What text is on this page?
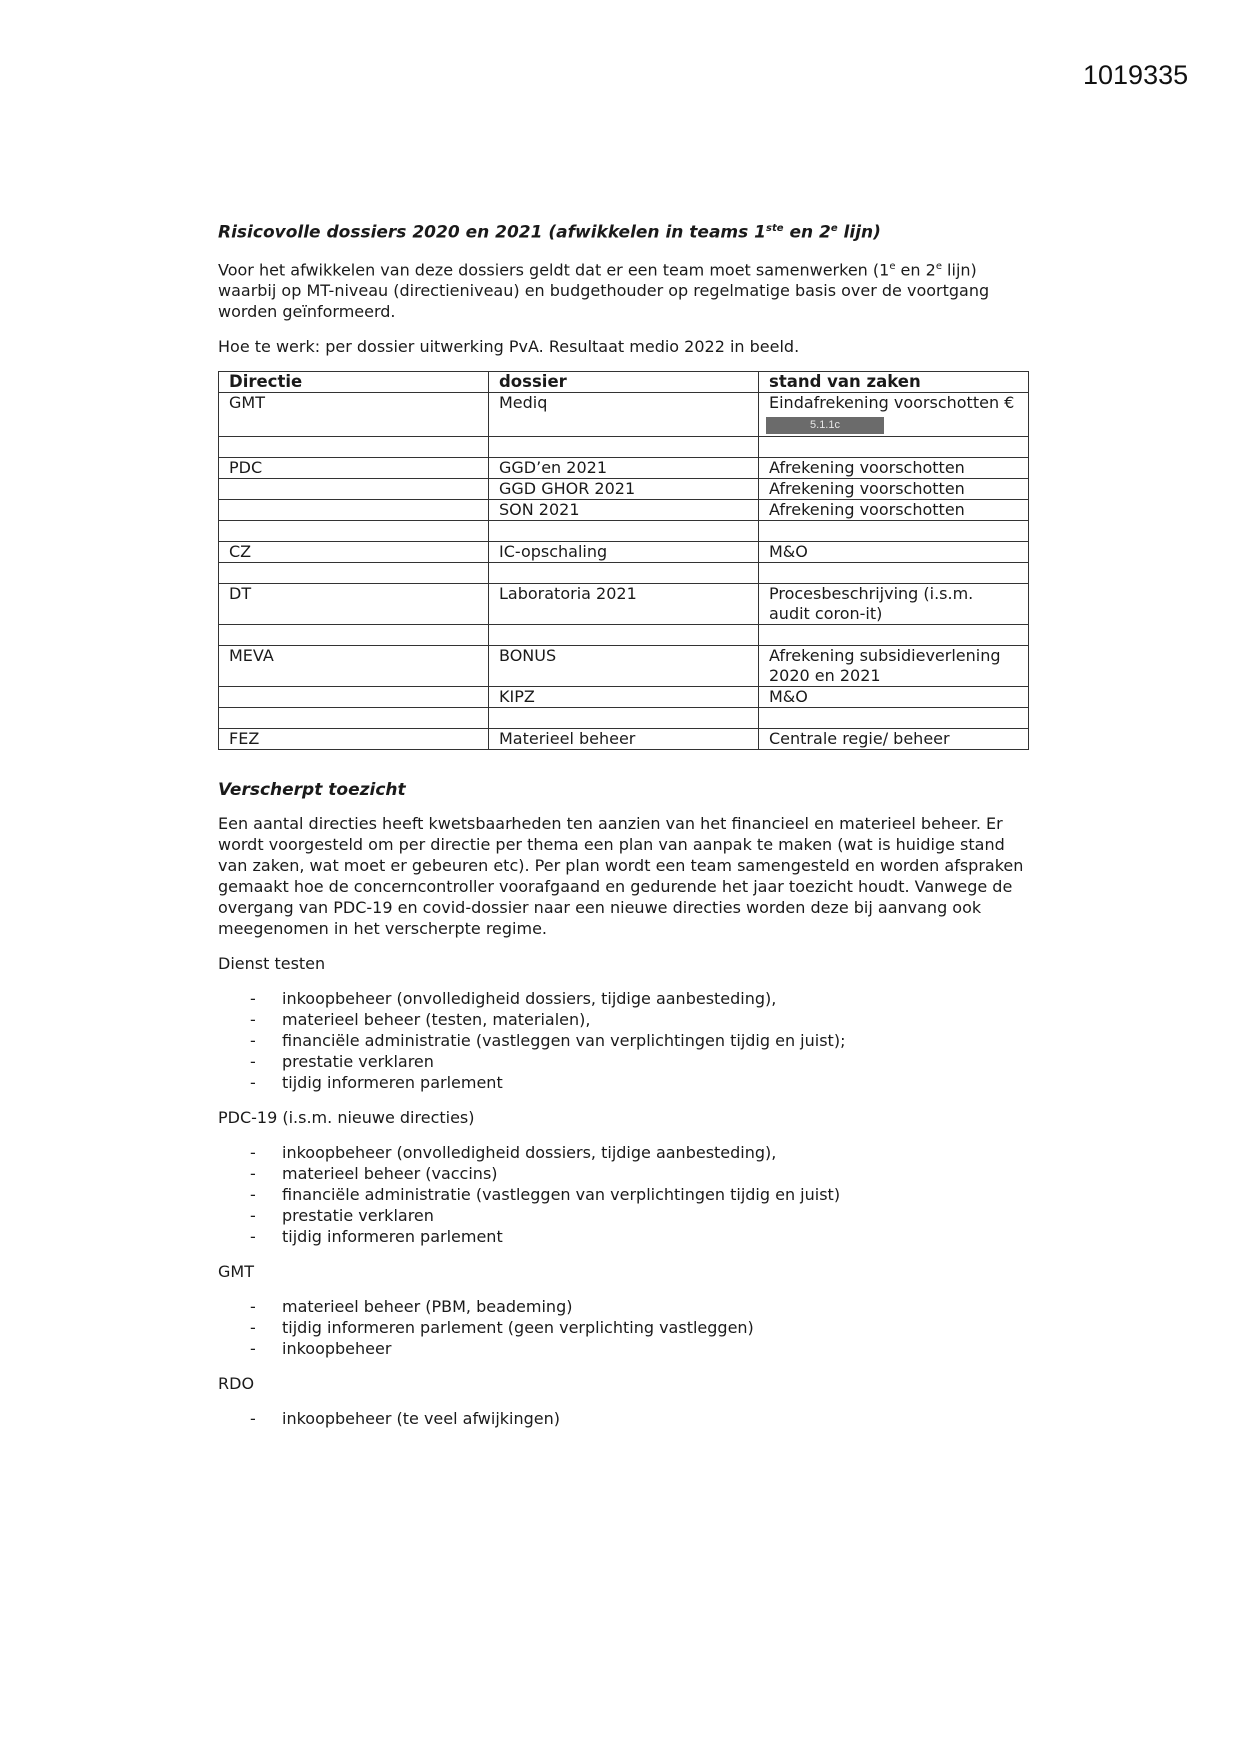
1019335
Risicovolle dossiers 2020 en 2021 (afwikkelen in teams 1ste en 2e lijn)

Voor het afwikkelen van deze dossiers geldt dat er een team moet samenwerken (1e en 2e lijn) waarbij op MT-niveau (directieniveau) en budgethouder op regelmatige basis over de voortgang worden geïnformeerd.

Hoe te werk: per dossier uitwerking PvA. Resultaat medio 2022 in beeld.

Directie	dossier	stand van zaken
GMT	Mediq	Eindafrekening voorschotten €
5.1.1c

PDC	GGD’en 2021	Afrekening voorschotten
	GGD GHOR 2021	Afrekening voorschotten
	SON 2021	Afrekening voorschotten

CZ	IC-opschaling	M&O

DT	Laboratoria 2021	Procesbeschrijving (i.s.m. audit coron-it)

MEVA	BONUS	Afrekening subsidieverlening 2020 en 2021
	KIPZ	M&O

FEZ	Materieel beheer	Centrale regie/ beheer
Verscherpt toezicht

Een aantal directies heeft kwetsbaarheden ten aanzien van het financieel en materieel beheer. Er wordt voorgesteld om per directie per thema een plan van aanpak te maken (wat is huidige stand van zaken, wat moet er gebeuren etc). Per plan wordt een team samengesteld en worden afspraken gemaakt hoe de concerncontroller voorafgaand en gedurende het jaar toezicht houdt. Vanwege de overgang van PDC-19 en covid-dossier naar een nieuwe directies worden deze bij aanvang ook meegenomen in het verscherpte regime.

Dienst testen

- inkoopbeheer (onvolledigheid dossiers, tijdige aanbesteding),
- materieel beheer (testen, materialen),
- financiële administratie (vastleggen van verplichtingen tijdig en juist);
- prestatie verklaren
- tijdig informeren parlement

PDC-19 (i.s.m. nieuwe directies)

- inkoopbeheer (onvolledigheid dossiers, tijdige aanbesteding),
- materieel beheer (vaccins)
- financiële administratie (vastleggen van verplichtingen tijdig en juist)
- prestatie verklaren
- tijdig informeren parlement

GMT

- materieel beheer (PBM, beademing)
- tijdig informeren parlement (geen verplichting vastleggen)
- inkoopbeheer

RDO

- inkoopbeheer (te veel afwijkingen)
